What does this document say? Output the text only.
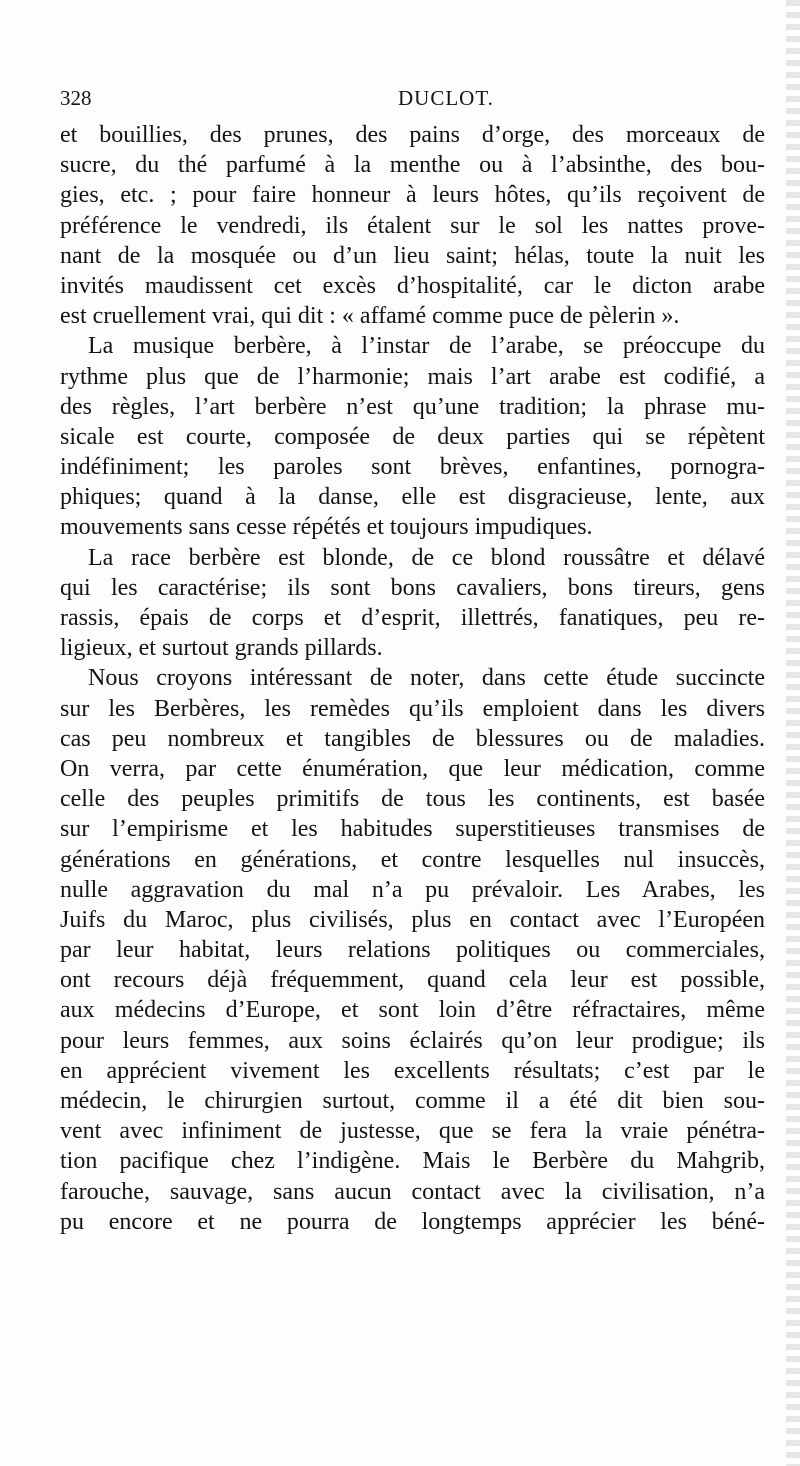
328	DUCLOT.
et bouillies, des prunes, des pains d’orge, des morceaux de
sucre, du thé parfumé à la menthe ou à l’absinthe, des bou-
gies, etc. ; pour faire honneur à leurs hôtes, qu’ils reçoivent de
préférence le vendredi, ils étalent sur le sol les nattes prove-
nant de la mosquée ou d’un lieu saint; hélas, toute la nuit les
invités maudissent cet excès d’hospitalité, car le dicton arabe
est cruellement vrai, qui dit : « affamé comme puce de pèlerin ».
La musique berbère, à l’instar de l’arabe, se préoccupe du
rythme plus que de l’harmonie; mais l’art arabe est codifié, a
des règles, l’art berbère n’est qu’une tradition; la phrase mu-
sicale est courte, composée de deux parties qui se répètent
indéfiniment; les paroles sont brèves, enfantines, pornogra-
phiques; quand à la danse, elle est disgracieuse, lente, aux
mouvements sans cesse répétés et toujours impudiques.
La race berbère est blonde, de ce blond roussâtre et délavé
qui les caractérise; ils sont bons cavaliers, bons tireurs, gens
rassis, épais de corps et d’esprit, illettrés, fanatiques, peu re-
ligieux, et surtout grands pillards.
Nous croyons intéressant de noter, dans cette étude succincte
sur les Berbères, les remèdes qu’ils emploient dans les divers
cas peu nombreux et tangibles de blessures ou de maladies.
On verra, par cette énumération, que leur médication, comme
celle des peuples primitifs de tous les continents, est basée
sur l’empirisme et les habitudes superstitieuses transmises de
générations en générations, et contre lesquelles nul insuccès,
nulle aggravation du mal n’a pu prévaloir. Les Arabes, les
Juifs du Maroc, plus civilisés, plus en contact avec l’Européen
par leur habitat, leurs relations politiques ou commerciales,
ont recours déjà fréquemment, quand cela leur est possible,
aux médecins d’Europe, et sont loin d’être réfractaires, même
pour leurs femmes, aux soins éclairés qu’on leur prodigue; ils
en apprécient vivement les excellents résultats; c’est par le
médecin, le chirurgien surtout, comme il a été dit bien sou-
vent avec infiniment de justesse, que se fera la vraie pénétra-
tion pacifique chez l’indigène. Mais le Berbère du Mahgrib,
farouche, sauvage, sans aucun contact avec la civilisation, n’a
pu encore et ne pourra de longtemps apprécier les béné-
